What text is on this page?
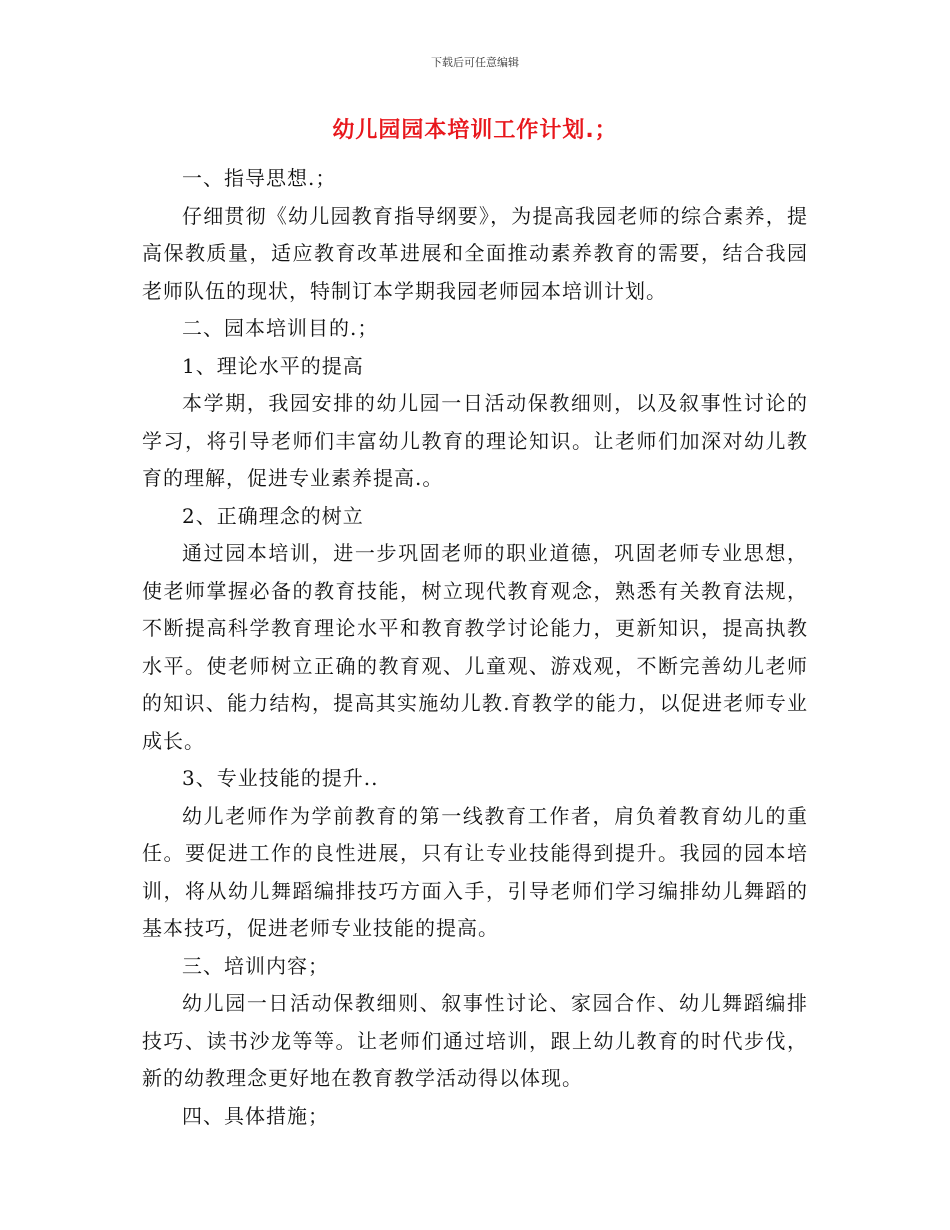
下载后可任意编辑
幼儿园园本培训工作计划.；

一、指导思想.；

仔细贯彻《幼儿园教育指导纲要》，为提高我园老师的综合素养，提高保教质量，适应教育改革进展和全面推动素养教育的需要，结合我园老师队伍的现状，特制订本学期我园老师园本培训计划。

二、园本培训目的.；

1、理论水平的提高

本学期，我园安排的幼儿园一日活动保教细则，以及叙事性讨论的学习，将引导老师们丰富幼儿教育的理论知识。让老师们加深对幼儿教育的理解，促进专业素养提高.。

2、正确理念的树立

通过园本培训，进一步巩固老师的职业道德，巩固老师专业思想，使老师掌握必备的教育技能，树立现代教育观念，熟悉有关教育法规，不断提高科学教育理论水平和教育教学讨论能力，更新知识，提高执教水平。使老师树立正确的教育观、儿童观、游戏观，不断完善幼儿老师的知识、能力结构，提高其实施幼儿教.育教学的能力，以促进老师专业成长。

3、专业技能的提升..

幼儿老师作为学前教育的第一线教育工作者，肩负着教育幼儿的重任。要促进工作的良性进展，只有让专业技能得到提升。我园的园本培训，将从幼儿舞蹈编排技巧方面入手，引导老师们学习编排幼儿舞蹈的基本技巧，促进老师专业技能的提高。

三、培训内容；

幼儿园一日活动保教细则、叙事性讨论、家园合作、幼儿舞蹈编排技巧、读书沙龙等等。让老师们通过培训，跟上幼儿教育的时代步伐，新的幼教理念更好地在教育教学活动得以体现。

四、具体措施；
